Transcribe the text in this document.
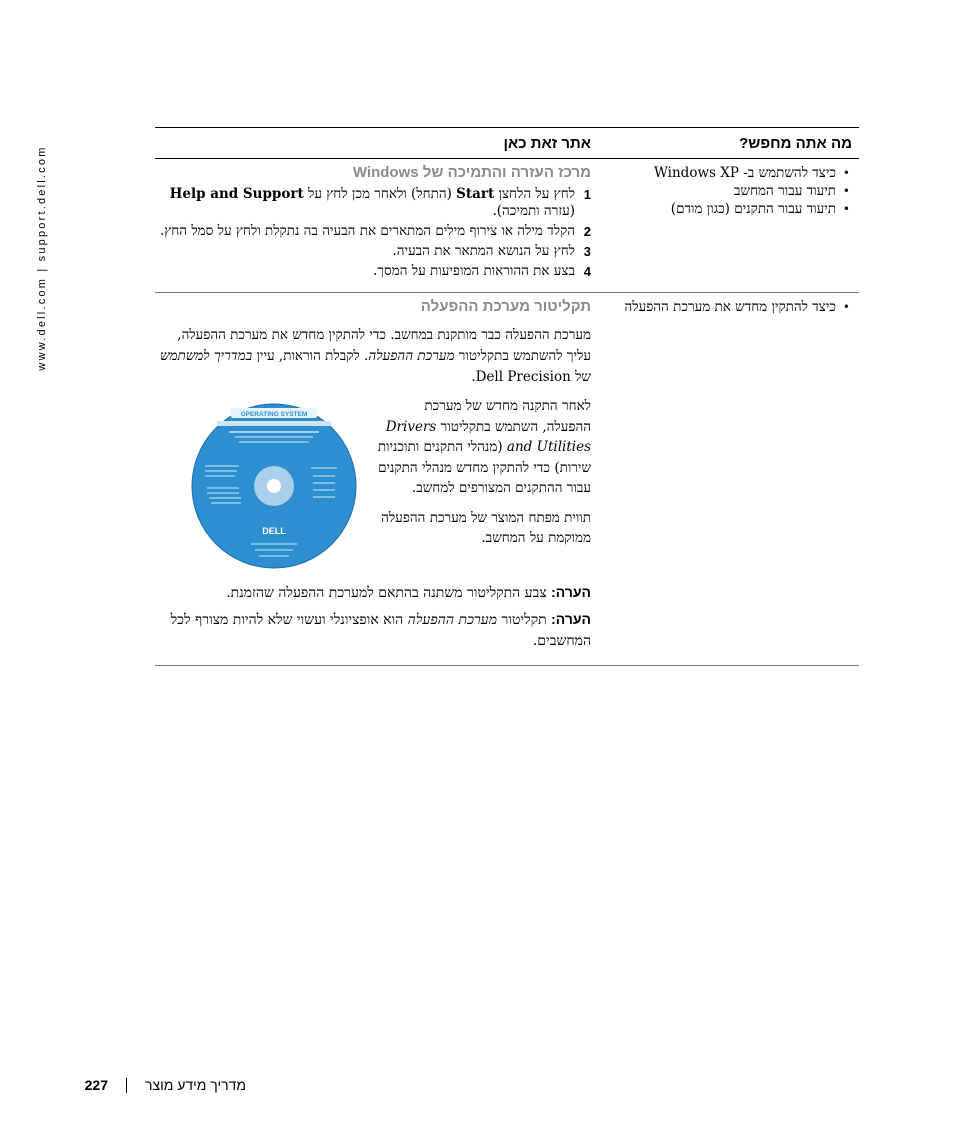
www.dell.com | support.dell.com
מה אתה מחפש?
אתר זאת כאן
• כיצד להשתמש ב- Windows XP
• תיעוד עבור המחשב
• תיעוד עבור התקנים (כגון מודם)
מרכז העזרה והתמיכה של Windows
1
לחץ על הלחצן Start (התחל) ולאחר מכן לחץ על Help and Support (עזרה ותמיכה).
2
הקלד מילה או צירוף מילים המתארים את הבעיה בה נתקלת ולחץ על סמל החץ.
3
לחץ על הנושא המתאר את הבעיה.
4
בצע את ההוראות המופיעות על המסך.
• כיצד להתקין מחדש את מערכת ההפעלה
תקליטור מערכת ההפעלה

מערכת ההפעלה כבר מותקנת במחשב. כדי להתקין מחדש את מערכת ההפעלה, עליך להשתמש בתקליטור מערכת ההפעלה. לקבלת הוראות, עיין במדריך למשתמש של Dell Precision.

לאחר התקנה מחדש של מערכת ההפעלה, השתמש בתקליטור Drivers and Utilities (מנהלי התקנים ותוכניות שירות) כדי להתקין מחדש מנהלי התקנים עבור ההתקנים המצורפים למחשב.

תווית מפתח המוצר של מערכת ההפעלה ממוקמת על המחשב.

OPERATING SYSTEM
DELL

הערה: צבע התקליטור משתנה בהתאם למערכת ההפעלה שהזמנת.

הערה: תקליטור מערכת ההפעלה הוא אופציונלי ועשוי שלא להיות מצורף לכל המחשבים.

מדריך מידע מוצר
227
